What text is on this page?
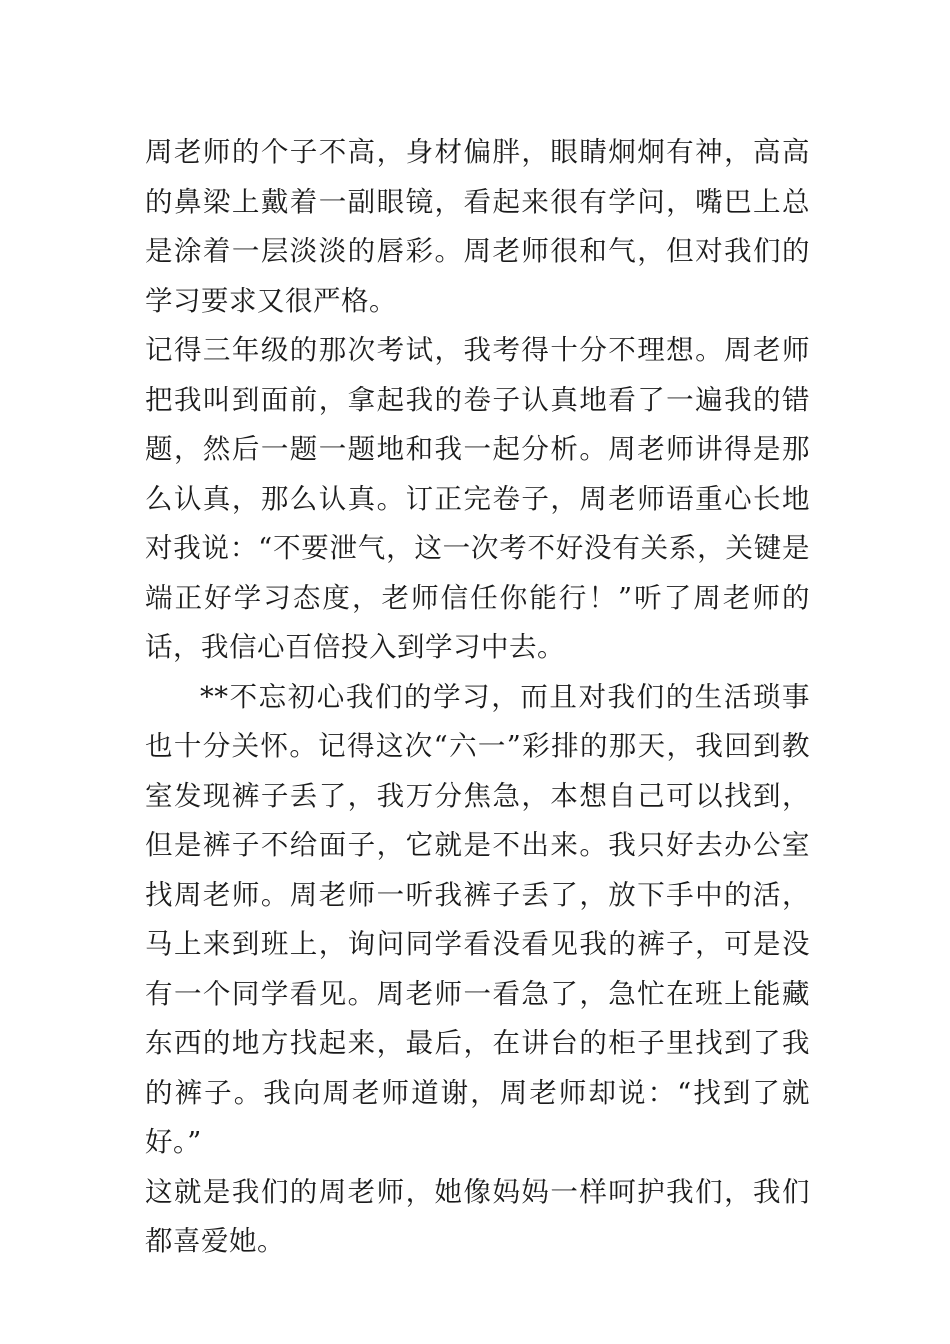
周老师的个子不高，身材偏胖，眼睛炯炯有神，高高的鼻梁上戴着一副眼镜，看起来很有学问，嘴巴上总是涂着一层淡淡的唇彩。周老师很和气，但对我们的学习要求又很严格。

记得三年级的那次考试，我考得十分不理想。周老师把我叫到面前，拿起我的卷子认真地看了一遍我的错题，然后一题一题地和我一起分析。周老师讲得是那么认真，那么认真。订正完卷子，周老师语重心长地对我说：“不要泄气，这一次考不好没有关系，关键是端正好学习态度，老师信任你能行！”听了周老师的话，我信心百倍投入到学习中去。

**不忘初心我们的学习，而且对我们的生活琐事也十分关怀。记得这次“六一”彩排的那天，我回到教室发现裤子丢了，我万分焦急，本想自己可以找到，但是裤子不给面子，它就是不出来。我只好去办公室找周老师。周老师一听我裤子丢了，放下手中的活，马上来到班上，询问同学看没看见我的裤子，可是没有一个同学看见。周老师一看急了，急忙在班上能藏东西的地方找起来，最后，在讲台的柜子里找到了我的裤子。我向周老师道谢，周老师却说：“找到了就好。”

这就是我们的周老师，她像妈妈一样呵护我们，我们都喜爱她。
